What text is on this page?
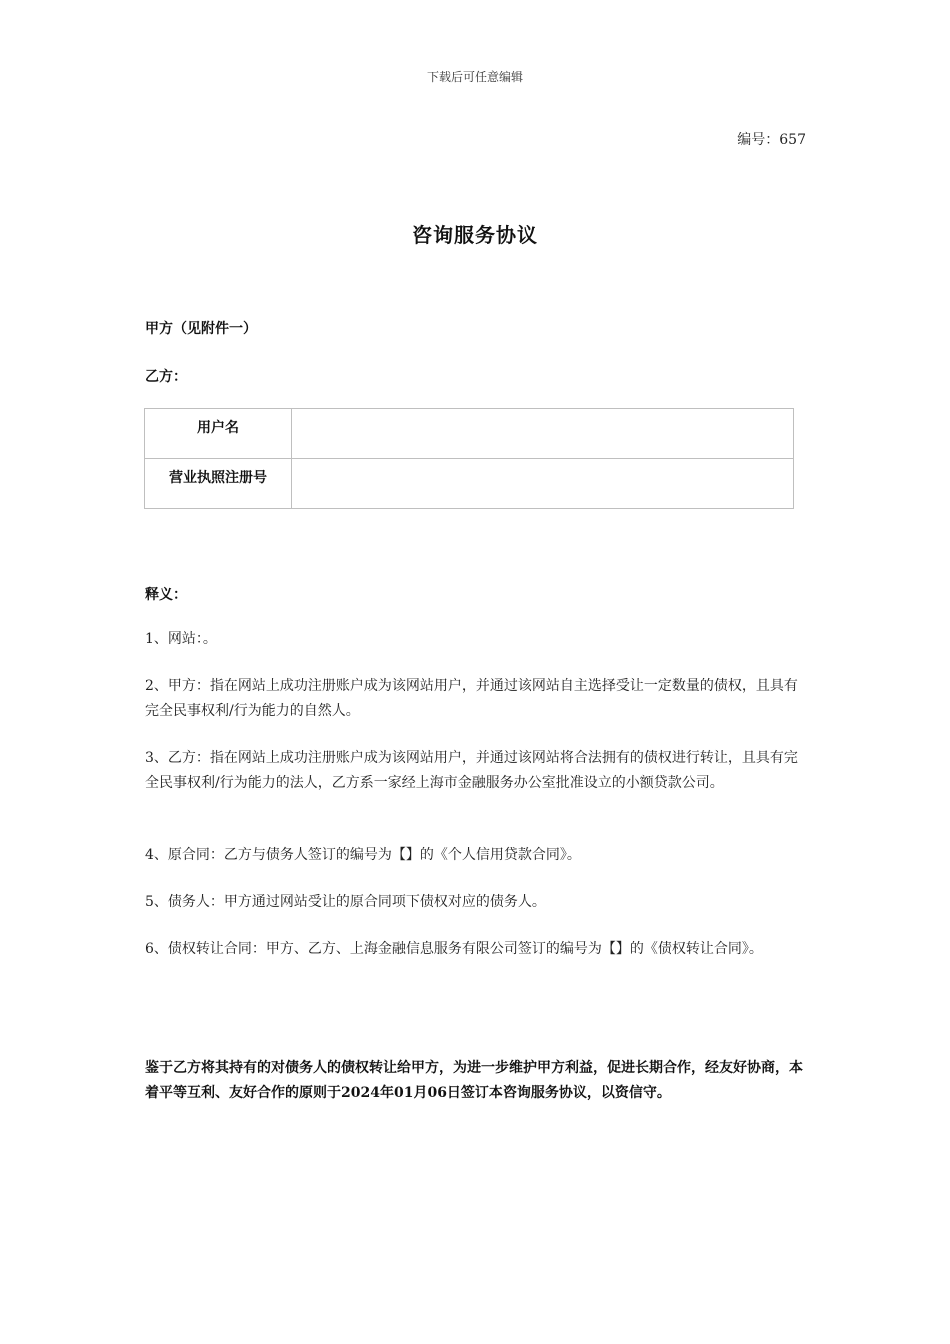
下载后可任意编辑
编号：657
咨询服务协议
甲方（见附件一）
乙方：
用户名	
营业执照注册号	
释义：
1、网站：。
2、甲方：指在网站上成功注册账户成为该网站用户，并通过该网站自主选择受让一定数量的债权，且具有完全民事权利/行为能力的自然人。
3、乙方：指在网站上成功注册账户成为该网站用户，并通过该网站将合法拥有的债权进行转让，且具有完全民事权利/行为能力的法人，乙方系一家经上海市金融服务办公室批准设立的小额贷款公司。
4、原合同：乙方与债务人签订的编号为【】的《个人信用贷款合同》。
5、债务人：甲方通过网站受让的原合同项下债权对应的债务人。
6、债权转让合同：甲方、乙方、上海金融信息服务有限公司签订的编号为【】的《债权转让合同》。
鉴于乙方将其持有的对债务人的债权转让给甲方，为进一步维护甲方利益，促进长期合作，经友好协商，本着平等互利、友好合作的原则于2024年01月06日签订本咨询服务协议，以资信守。
